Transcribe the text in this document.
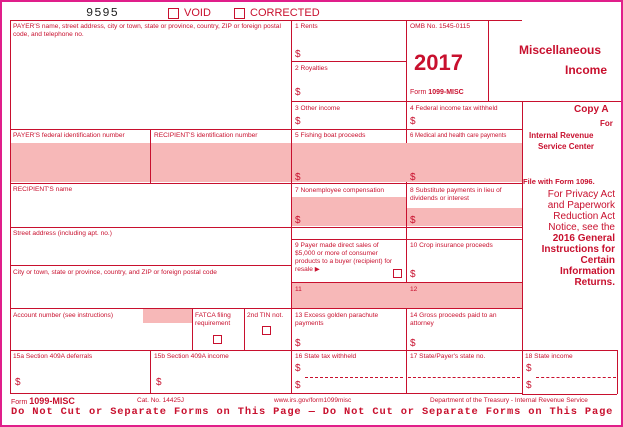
9595	VOID	CORRECTED
PAYER'S name, street address, city or town, state or province, country, ZIP or foreign postal code, and telephone no.
PAYER'S federal identification number	RECIPIENT'S identification number
RECIPIENT'S name
Street address (including apt. no.)
City or town, state or province, country, and ZIP or foreign postal code
Account number (see instructions)	FATCA filing requirement
2nd TIN not.
1 Rents
$
2 Royalties
$
OMB No. 1545-0115
2017
Form 1099-MISC
Miscellaneous
Income
3 Other income
$
4 Federal income tax withheld
$
5 Fishing boat proceeds
$
6 Medical and health care payments
$
7 Nonemployee compensation
$
8 Substitute payments in lieu of dividends or interest
$
9 Payer made direct sales of $5,000 or more of consumer products to a buyer (recipient) for resale ▶
10 Crop insurance proceeds
$
11	12
13 Excess golden parachute payments
$
14 Gross proceeds paid to an attorney
$
15a Section 409A deferrals
$
15b Section 409A income
$
16 State tax withheld
$
$
17 State/Payer's state no.	18 State income
$
$
Copy A
For
Internal Revenue
Service Center
File with Form 1096.
For Privacy Act
and Paperwork
Reduction Act
Notice, see the
2016 General
Instructions for
Certain
Information
Returns.
Form 1099-MISC	Cat. No. 14425J	www.irs.gov/form1099misc	Department of the Treasury - Internal Revenue Service
Do Not Cut or Separate Forms on This Page — Do Not Cut or Separate Forms on This Page
